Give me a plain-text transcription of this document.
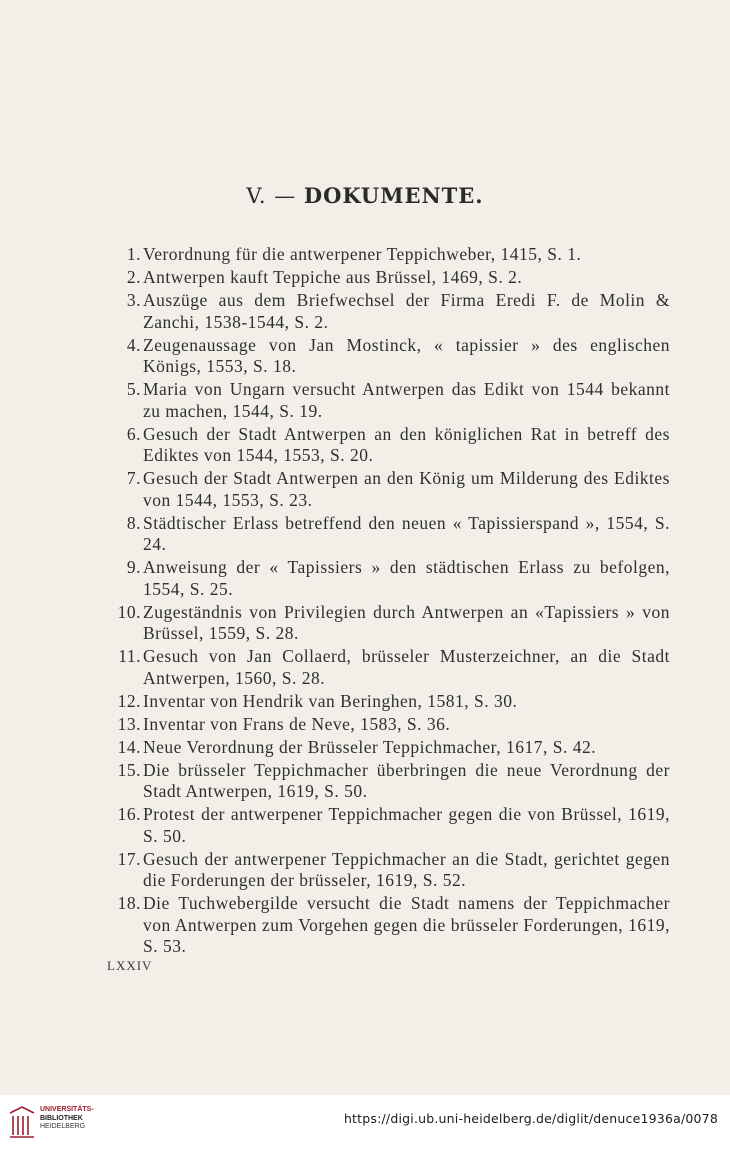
V. — DOKUMENTE.
1. Verordnung für die antwerpener Teppichweber, 1415, S. 1.
2. Antwerpen kauft Teppiche aus Brüssel, 1469, S. 2.
3. Auszüge aus dem Briefwechsel der Firma Eredi F. de Molin & Zanchi, 1538-1544, S. 2.
4. Zeugenaussage von Jan Mostinck, « tapissier » des englischen Königs, 1553, S. 18.
5. Maria von Ungarn versucht Antwerpen das Edikt von 1544 bekannt zu machen, 1544, S. 19.
6. Gesuch der Stadt Antwerpen an den königlichen Rat in betreff des Ediktes von 1544, 1553, S. 20.
7. Gesuch der Stadt Antwerpen an den König um Milderung des Ediktes von 1544, 1553, S. 23.
8. Städtischer Erlass betreffend den neuen « Tapissierspand », 1554, S. 24.
9. Anweisung der « Tapissiers » den städtischen Erlass zu befolgen, 1554, S. 25.
10. Zugeständnis von Privilegien durch Antwerpen an «Tapissiers » von Brüssel, 1559, S. 28.
11. Gesuch von Jan Collaerd, brüsseler Musterzeichner, an die Stadt Antwerpen, 1560, S. 28.
12. Inventar von Hendrik van Beringhen, 1581, S. 30.
13. Inventar von Frans de Neve, 1583, S. 36.
14. Neue Verordnung der Brüsseler Teppichmacher, 1617, S. 42.
15. Die brüsseler Teppichmacher überbringen die neue Verordnung der Stadt Antwerpen, 1619, S. 50.
16. Protest der antwerpener Teppichmacher gegen die von Brüssel, 1619, S. 50.
17. Gesuch der antwerpener Teppichmacher an die Stadt, gerichtet gegen die Forderungen der brüsseler, 1619, S. 52.
18. Die Tuchwebergilde versucht die Stadt namens der Teppichmacher von Antwerpen zum Vorgehen gegen die brüsseler Forderungen, 1619, S. 53.
LXXIV
UNIVERSITÄTS-
BIBLIOTHEK
HEIDELBERG
https://digi.ub.uni-heidelberg.de/diglit/denuce1936a/0078
